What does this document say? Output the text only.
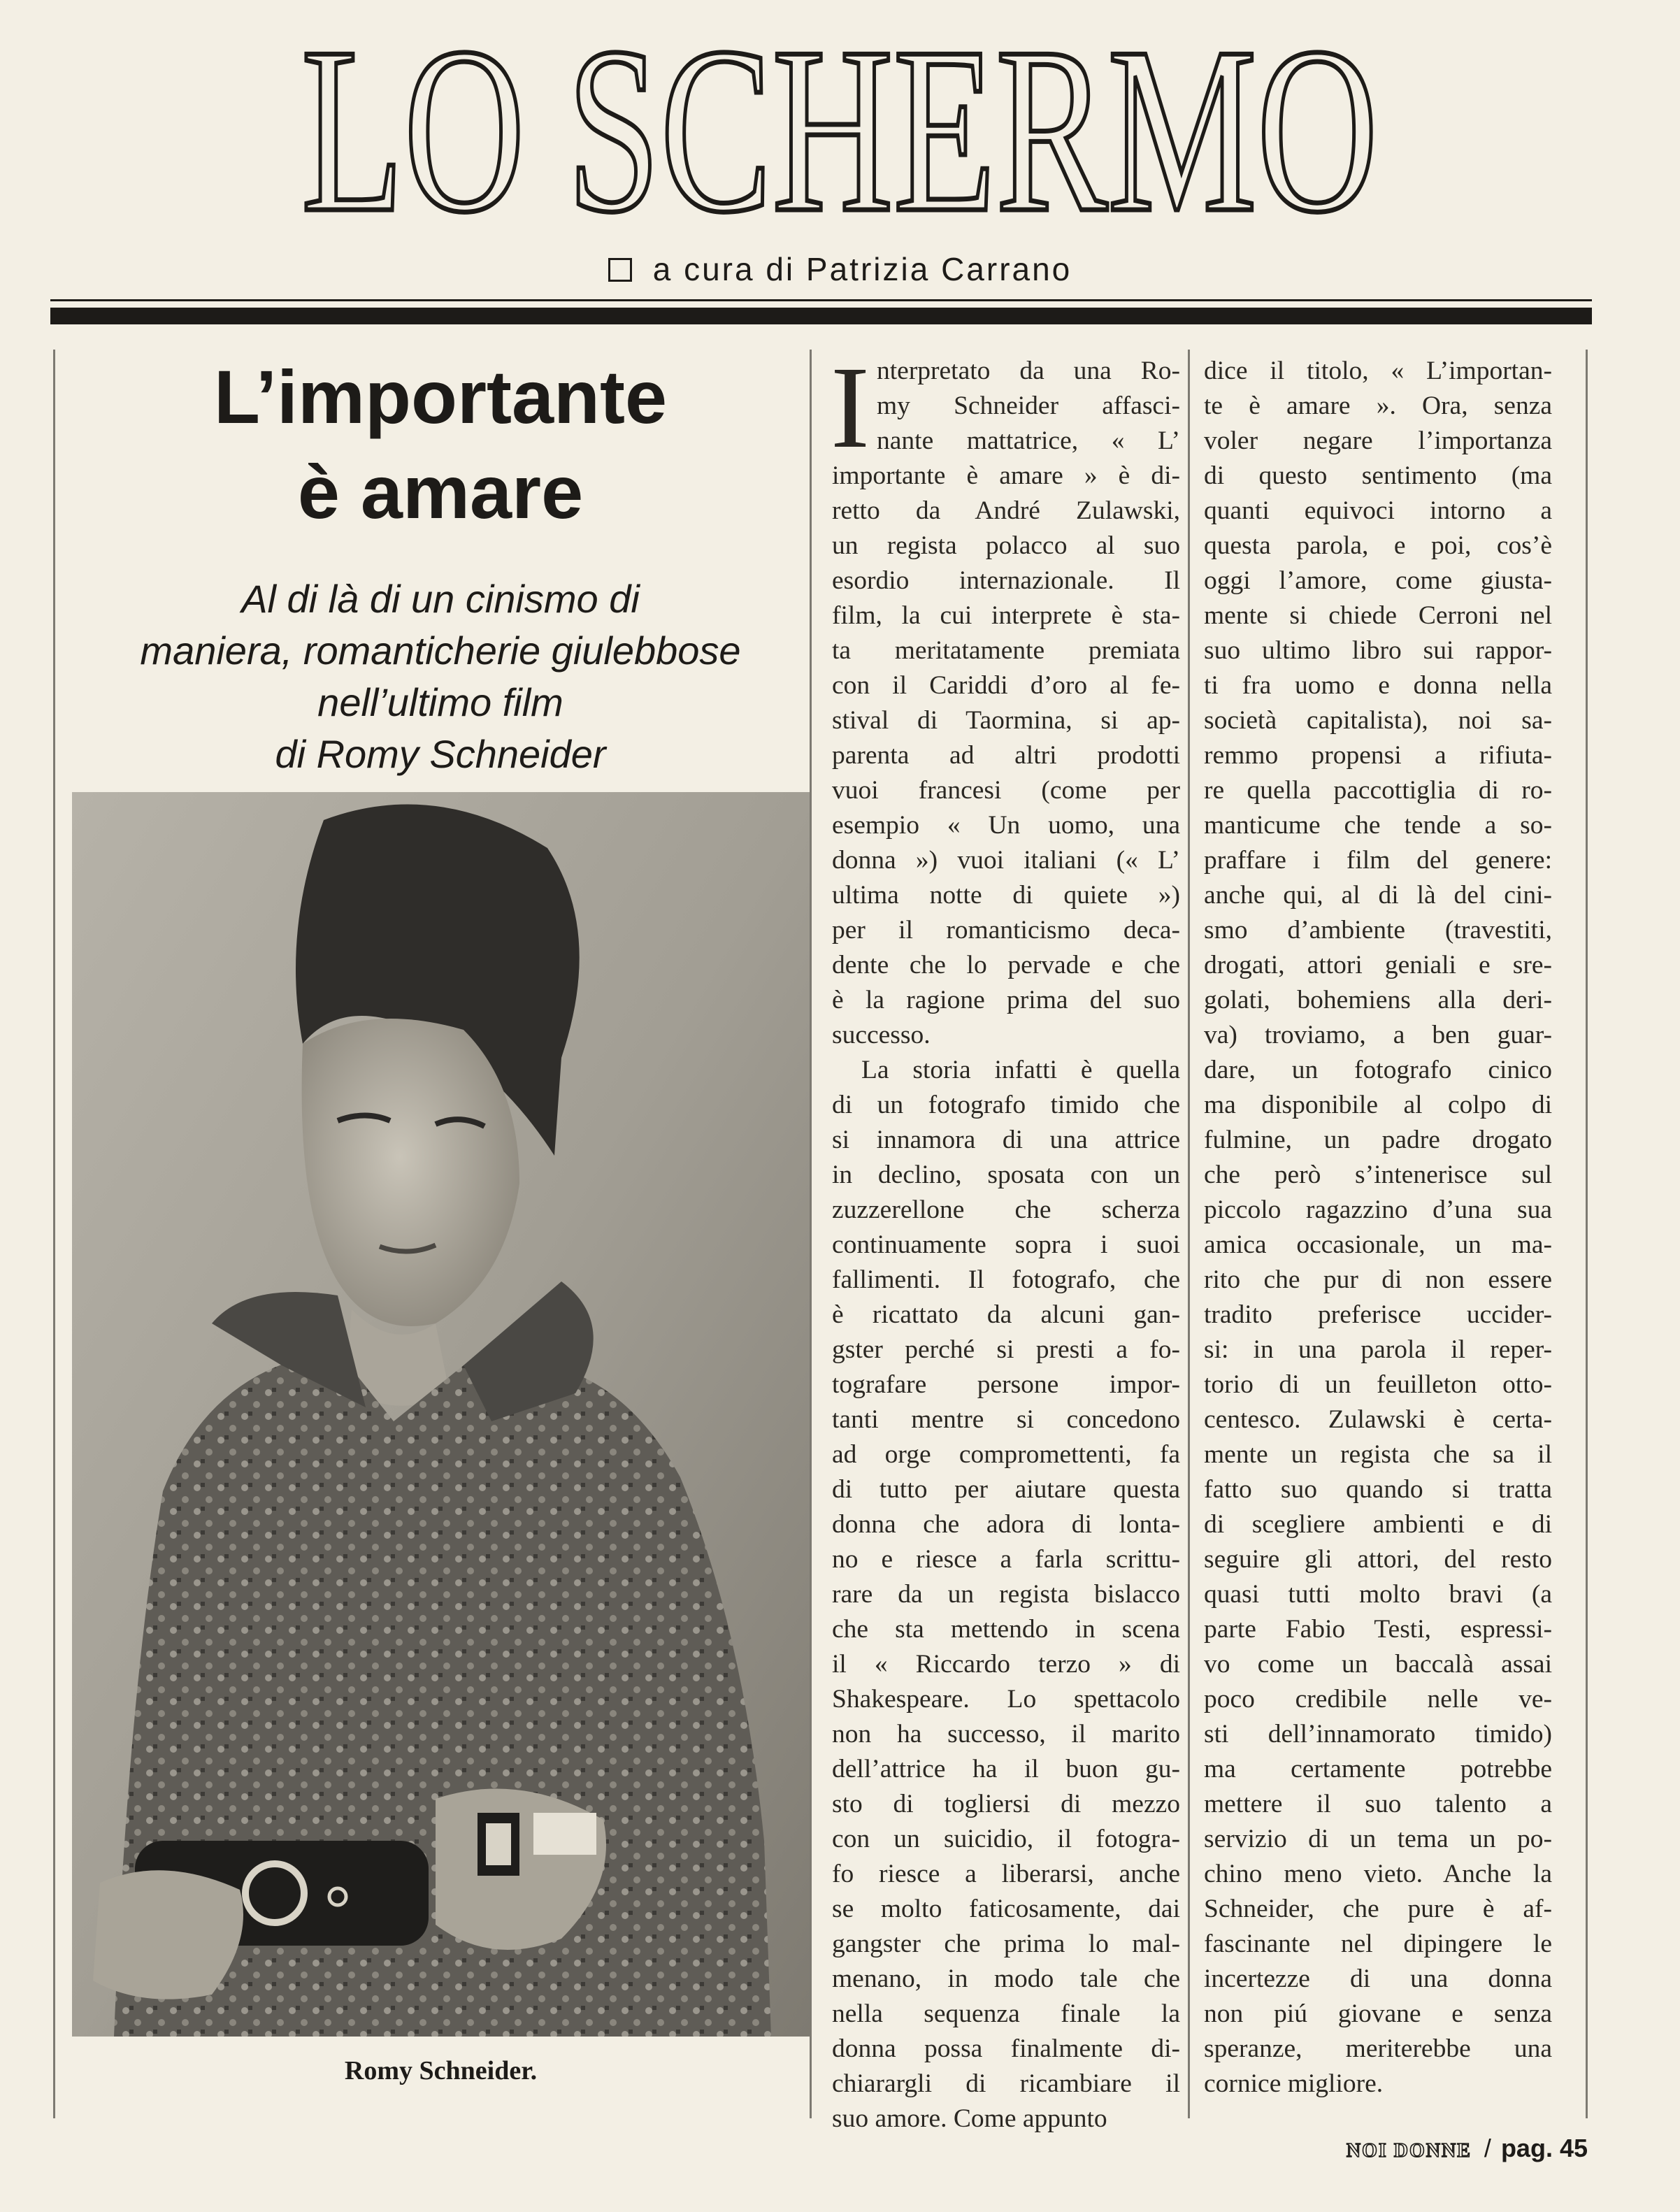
LO SCHERMO
a cura di Patrizia Carrano
L’importante
è amare
Al di là di un cinismo di
maniera, romanticherie giulebbose
nell’ultimo film
di Romy Schneider
Romy Schneider.
I nterpretato da una Ro-
my Schneider affasci-
nante mattatrice, « L’
importante è amare » è di-
retto da André Zulawski,
un regista polacco al suo
esordio internazionale. Il
film, la cui interprete è sta-
ta meritatamente premiata
con il Cariddi d’oro al fe-
stival di Taormina, si ap-
parenta ad altri prodotti
vuoi francesi (come per
esempio « Un uomo, una
donna ») vuoi italiani (« L’
ultima notte di quiete »)
per il romanticismo deca-
dente che lo pervade e che
è la ragione prima del suo
successo.
La storia infatti è quella
di un fotografo timido che
si innamora di una attrice
in declino, sposata con un
zuzzerellone che scherza
continuamente sopra i suoi
fallimenti. Il fotografo, che
è ricattato da alcuni gan-
gster perché si presti a fo-
tografare persone impor-
tanti mentre si concedono
ad orge compromettenti, fa
di tutto per aiutare questa
donna che adora di lonta-
no e riesce a farla scrittu-
rare da un regista bislacco
che sta mettendo in scena
il « Riccardo terzo » di
Shakespeare. Lo spettacolo
non ha successo, il marito
dell’attrice ha il buon gu-
sto di togliersi di mezzo
con un suicidio, il fotogra-
fo riesce a liberarsi, anche
se molto faticosamente, dai
gangster che prima lo mal-
menano, in modo tale che
nella sequenza finale la
donna possa finalmente di-
chiarargli di ricambiare il
suo amore. Come appunto
dice il titolo, « L’importan-
te è amare ». Ora, senza
voler negare l’importanza
di questo sentimento (ma
quanti equivoci intorno a
questa parola, e poi, cos’è
oggi l’amore, come giusta-
mente si chiede Cerroni nel
suo ultimo libro sui rappor-
ti fra uomo e donna nella
società capitalista), noi sa-
remmo propensi a rifiuta-
re quella paccottiglia di ro-
manticume che tende a so-
praffare i film del genere:
anche qui, al di là del cini-
smo d’ambiente (travestiti,
drogati, attori geniali e sre-
golati, bohemiens alla deri-
va) troviamo, a ben guar-
dare, un fotografo cinico
ma disponibile al colpo di
fulmine, un padre drogato
che però s’intenerisce sul
piccolo ragazzino d’una sua
amica occasionale, un ma-
rito che pur di non essere
tradito preferisce uccider-
si: in una parola il reper-
torio di un feuilleton otto-
centesco. Zulawski è certa-
mente un regista che sa il
fatto suo quando si tratta
di scegliere ambienti e di
seguire gli attori, del resto
quasi tutti molto bravi (a
parte Fabio Testi, espressi-
vo come un baccalà assai
poco credibile nelle ve-
sti dell’innamorato timido)
ma certamente potrebbe
mettere il suo talento a
servizio di un tema un po-
chino meno vieto. Anche la
Schneider, che pure è af-
fascinante nel dipingere le
incertezze di una donna
non piú giovane e senza
speranze, meriterebbe una
cornice migliore.
NOI DONNE / pag. 45
